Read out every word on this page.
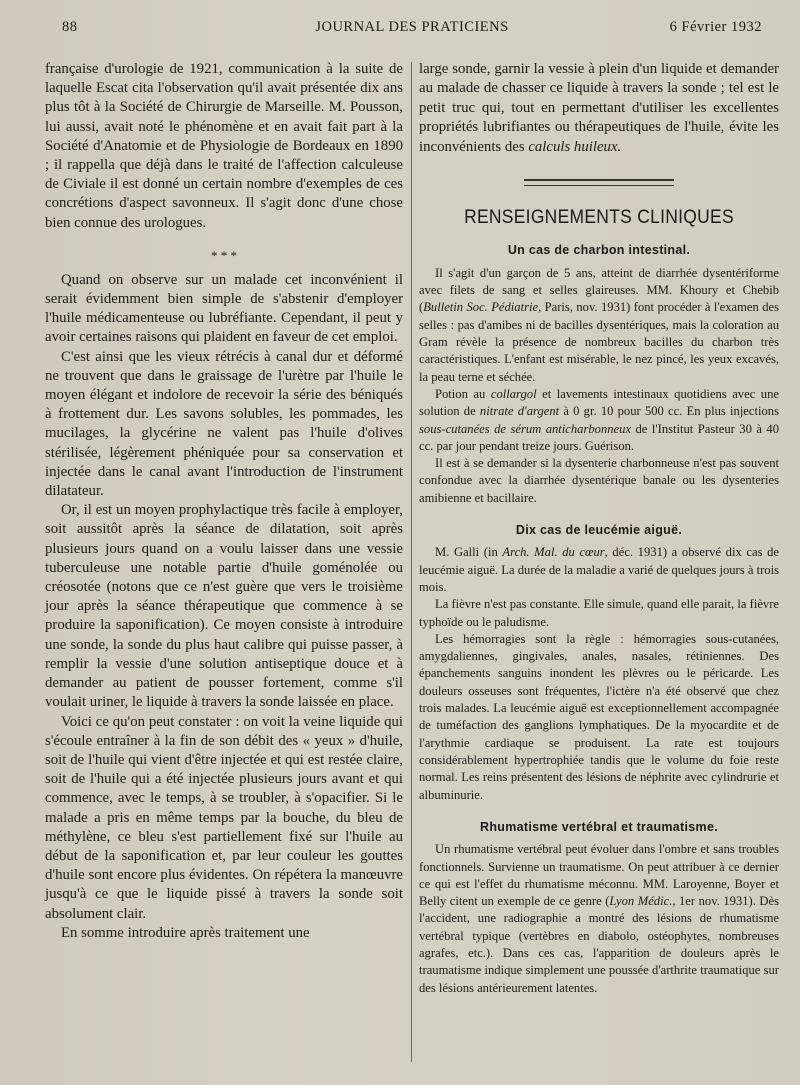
88	JOURNAL DES PRATICIENS	6 Février 1932

française d'urologie de 1921, communication à la suite de laquelle Escat cita l'observation qu'il avait présentée dix ans plus tôt à la Société de Chirurgie de Marseille. M. Pousson, lui aussi, avait noté le phénomène et en avait fait part à la Société d'Anatomie et de Physiologie de Bordeaux en 1890 ; il rappella que déjà dans le traité de l'affection calculeuse de Civiale il est donné un certain nombre d'exemples de ces concrétions d'aspect savonneux. Il s'agit donc d'une chose bien connue des urologues.

* * *

Quand on observe sur un malade cet inconvénient il serait évidemment bien simple de s'abstenir d'employer l'huile médicamenteuse ou lubréfiante. Cependant, il peut y avoir certaines raisons qui plaident en faveur de cet emploi.

C'est ainsi que les vieux rétrécis à canal dur et déformé ne trouvent que dans le graissage de l'urètre par l'huile le moyen élégant et indolore de recevoir la série des béniqués à frottement dur. Les savons solubles, les pommades, les mucilages, la glycérine ne valent pas l'huile d'olives stérilisée, légèrement phéniquée pour sa conservation et injectée dans le canal avant l'introduction de l'instrument dilatateur.

Or, il est un moyen prophylactique très facile à employer, soit aussitôt après la séance de dilatation, soit après plusieurs jours quand on a voulu laisser dans une vessie tuberculeuse une notable partie d'huile goménolée ou créosotée (notons que ce n'est guère que vers le troisième jour après la séance thérapeutique que commence à se produire la saponification). Ce moyen consiste à introduire une sonde, la sonde du plus haut calibre qui puisse passer, à remplir la vessie d'une solution antiseptique douce et à demander au patient de pousser fortement, comme s'il voulait uriner, le liquide à travers la sonde laissée en place.

Voici ce qu'on peut constater : on voit la veine liquide qui s'écoule entraîner à la fin de son débit des « yeux » d'huile, soit de l'huile qui vient d'être injectée et qui est restée claire, soit de l'huile qui a été injectée plusieurs jours avant et qui commence, avec le temps, à se troubler, à s'opacifier. Si le malade a pris en même temps par la bouche, du bleu de méthylène, ce bleu s'est partiellement fixé sur l'huile au début de la saponification et, par leur couleur les gouttes d'huile sont encore plus évidentes. On répétera la manœuvre jusqu'à ce que le liquide pissé à travers la sonde soit absolument clair.

En somme introduire après traitement une

large sonde, garnir la vessie à plein d'un liquide et demander au malade de chasser ce liquide à travers la sonde ; tel est le petit truc qui, tout en permettant d'utiliser les excellentes propriétés lubrifiantes ou thérapeutiques de l'huile, évite les inconvénients des calculs huileux.

RENSEIGNEMENTS CLINIQUES
Un cas de charbon intestinal.

Il s'agit d'un garçon de 5 ans, atteint de diarrhée dysentériforme avec filets de sang et selles glaireuses. MM. Khoury et Chebib (Bulletin Soc. Pédiatrie, Paris, nov. 1931) font procéder à l'examen des selles : pas d'amibes ni de bacilles dysentériques, mais la coloration au Gram révèle la présence de nombreux bacilles du charbon très caractéristiques. L'enfant est misérable, le nez pincé, les yeux excavés, la peau terne et séchée.

Potion au collargol et lavements intestinaux quotidiens avec une solution de nitrate d'argent à 0 gr. 10 pour 500 cc. En plus injections sous-cutanées de sérum anticharbonneux de l'Institut Pasteur 30 à 40 cc. par jour pendant treize jours. Guérison.

Il est à se demander si la dysenterie charbonneuse n'est pas souvent confondue avec la diarrhée dysentérique banale ou les dysenteries amibienne et bacillaire.

Dix cas de leucémie aiguë.

M. Galli (in Arch. Mal. du cœur, déc. 1931) a observé dix cas de leucémie aiguë. La durée de la maladie a varié de quelques jours à trois mois.

La fièvre n'est pas constante. Elle simule, quand elle parait, la fièvre typhoïde ou le paludisme.

Les hémorragies sont la règle : hémorragies sous-cutanées, amygdaliennes, gingivales, anales, nasales, rétiniennes. Des épanchements sanguins inondent les plèvres ou le péricarde. Les douleurs osseuses sont fréquentes, l'ictère n'a été observé que chez trois malades. La leucémie aiguë est exceptionnellement accompagnée de tuméfaction des ganglions lymphatiques. De la myocardite et de l'arythmie cardiaque se produisent. La rate est toujours considérablement hypertrophiée tandis que le volume du foie reste normal. Les reins présentent des lésions de néphrite avec cylindrurie et albuminurie.

Rhumatisme vertébral et traumatisme.

Un rhumatisme vertébral peut évoluer dans l'ombre et sans troubles fonctionnels. Survienne un traumatisme. On peut attribuer à ce dernier ce qui est l'effet du rhumatisme méconnu. MM. Laroyenne, Boyer et Belly citent un exemple de ce genre (Lyon Médic., 1er nov. 1931). Dès l'accident, une radiographie a montré des lésions de rhumatisme vertébral typique (vertèbres en diabolo, ostéophytes, nombreuses agrafes, etc.). Dans ces cas, l'apparition de douleurs après le traumatisme indique simplement une poussée d'arthrite traumatique sur des lésions antérieurement latentes.
